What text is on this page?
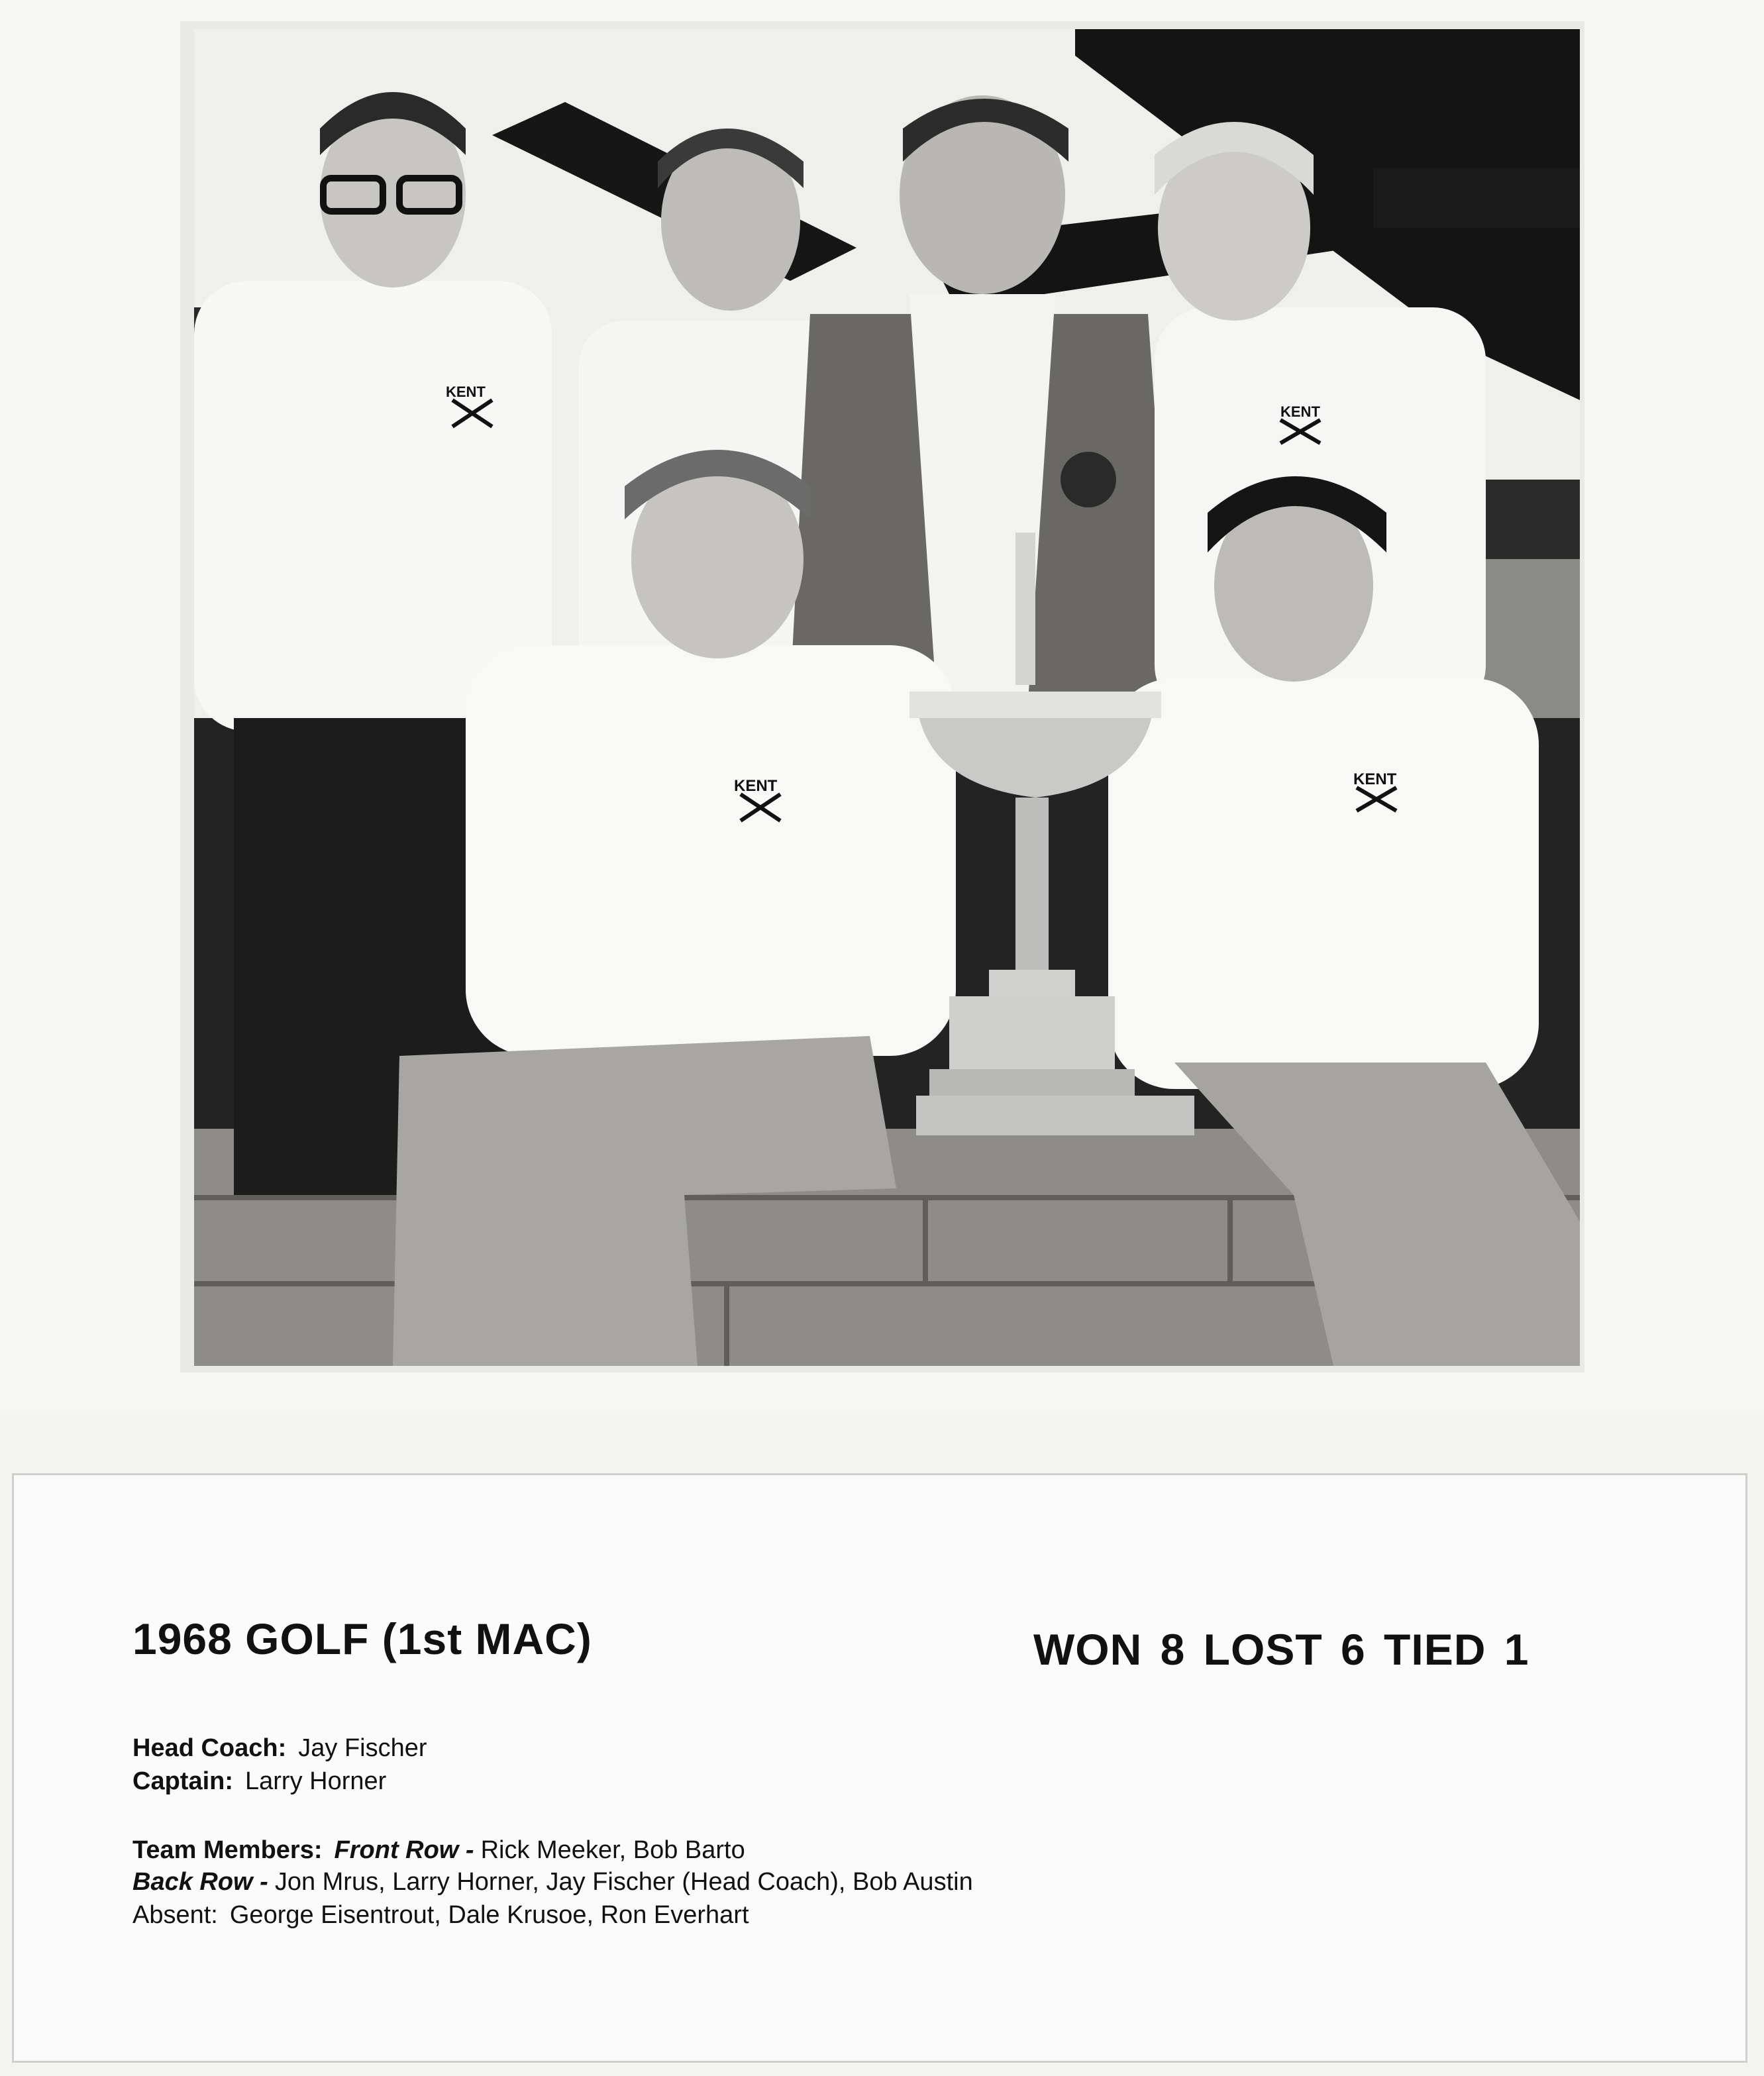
KENT
KENT
KENT	KENT
1968 GOLF (1st MAC)	WON 8 LOST 6 TIED 1
Head Coach: Jay Fischer
Captain: Larry Horner
Team Members: Front Row - Rick Meeker, Bob Barto
Back Row - Jon Mrus, Larry Horner, Jay Fischer (Head Coach), Bob Austin
Absent: George Eisentrout, Dale Krusoe, Ron Everhart
